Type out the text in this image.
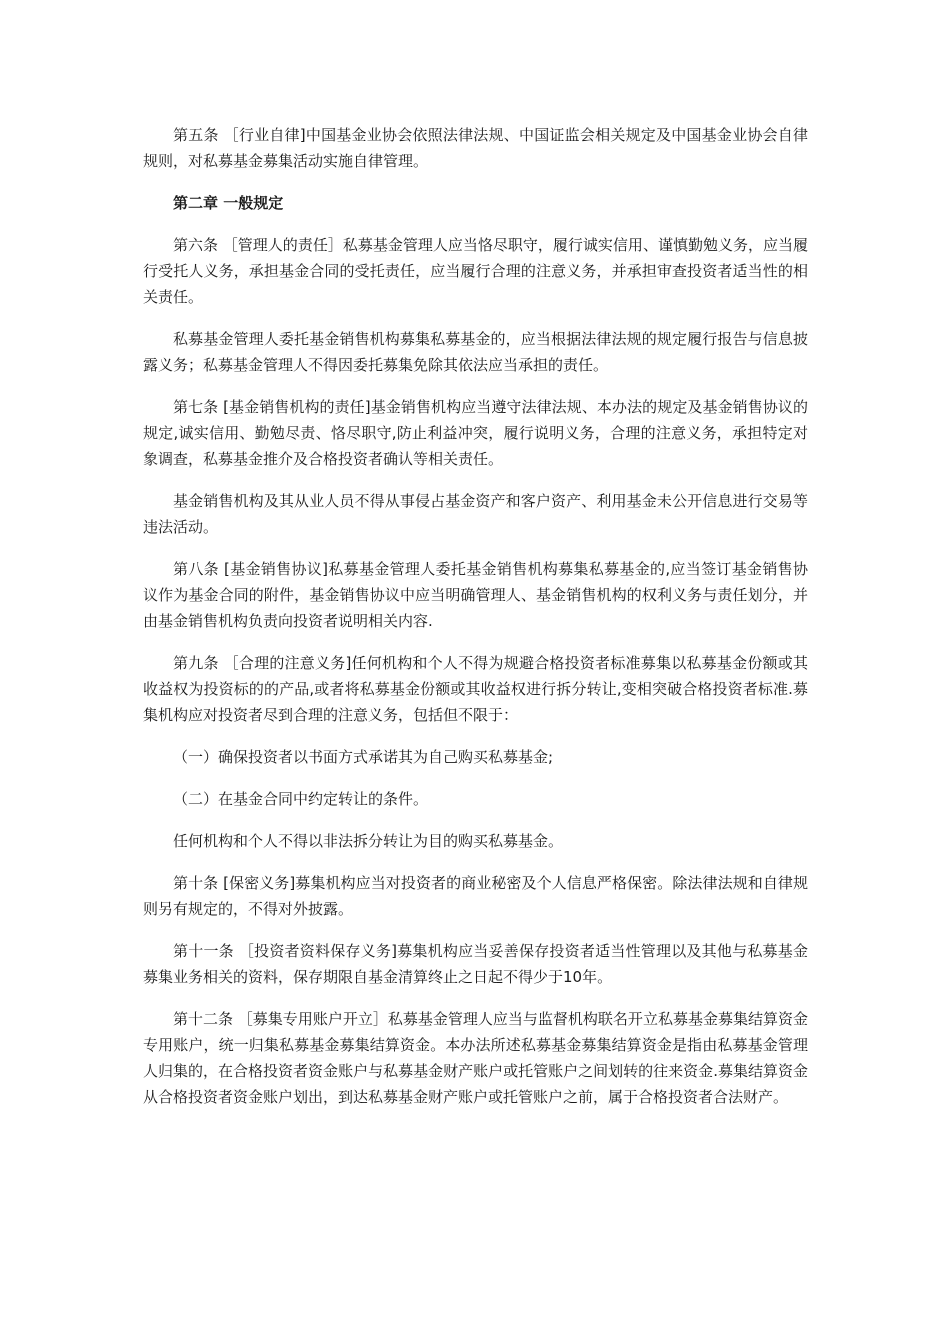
第五条 ［行业自律]中国基金业协会依照法律法规、中国证监会相关规定及中国基金业协会自律规则，对私募基金募集活动实施自律管理。

第二章 一般规定

第六条 ［管理人的责任］私募基金管理人应当恪尽职守，履行诚实信用、谨慎勤勉义务，应当履行受托人义务，承担基金合同的受托责任，应当履行合理的注意义务，并承担审查投资者适当性的相关责任。

私募基金管理人委托基金销售机构募集私募基金的，应当根据法律法规的规定履行报告与信息披露义务；私募基金管理人不得因委托募集免除其依法应当承担的责任。

第七条 [基金销售机构的责任]基金销售机构应当遵守法律法规、本办法的规定及基金销售协议的规定,诚实信用、勤勉尽责、恪尽职守,防止利益冲突，履行说明义务，合理的注意义务，承担特定对象调查，私募基金推介及合格投资者确认等相关责任。

基金销售机构及其从业人员不得从事侵占基金资产和客户资产、利用基金未公开信息进行交易等违法活动。

第八条 [基金销售协议]私募基金管理人委托基金销售机构募集私募基金的,应当签订基金销售协议作为基金合同的附件，基金销售协议中应当明确管理人、基金销售机构的权利义务与责任划分，并由基金销售机构负责向投资者说明相关内容.

第九条 ［合理的注意义务]任何机构和个人不得为规避合格投资者标准募集以私募基金份额或其收益权为投资标的的产品,或者将私募基金份额或其收益权进行拆分转让,变相突破合格投资者标准.募集机构应对投资者尽到合理的注意义务，包括但不限于：

（一）确保投资者以书面方式承诺其为自己购买私募基金;

（二）在基金合同中约定转让的条件。

任何机构和个人不得以非法拆分转让为目的购买私募基金。

第十条 [保密义务]募集机构应当对投资者的商业秘密及个人信息严格保密。除法律法规和自律规则另有规定的，不得对外披露。

第十一条 ［投资者资料保存义务]募集机构应当妥善保存投资者适当性管理以及其他与私募基金募集业务相关的资料，保存期限自基金清算终止之日起不得少于10年。

第十二条 ［募集专用账户开立］私募基金管理人应当与监督机构联名开立私募基金募集结算资金专用账户，统一归集私募基金募集结算资金。本办法所述私募基金募集结算资金是指由私募基金管理人归集的，在合格投资者资金账户与私募基金财产账户或托管账户之间划转的往来资金.募集结算资金从合格投资者资金账户划出，到达私募基金财产账户或托管账户之前，属于合格投资者合法财产。
